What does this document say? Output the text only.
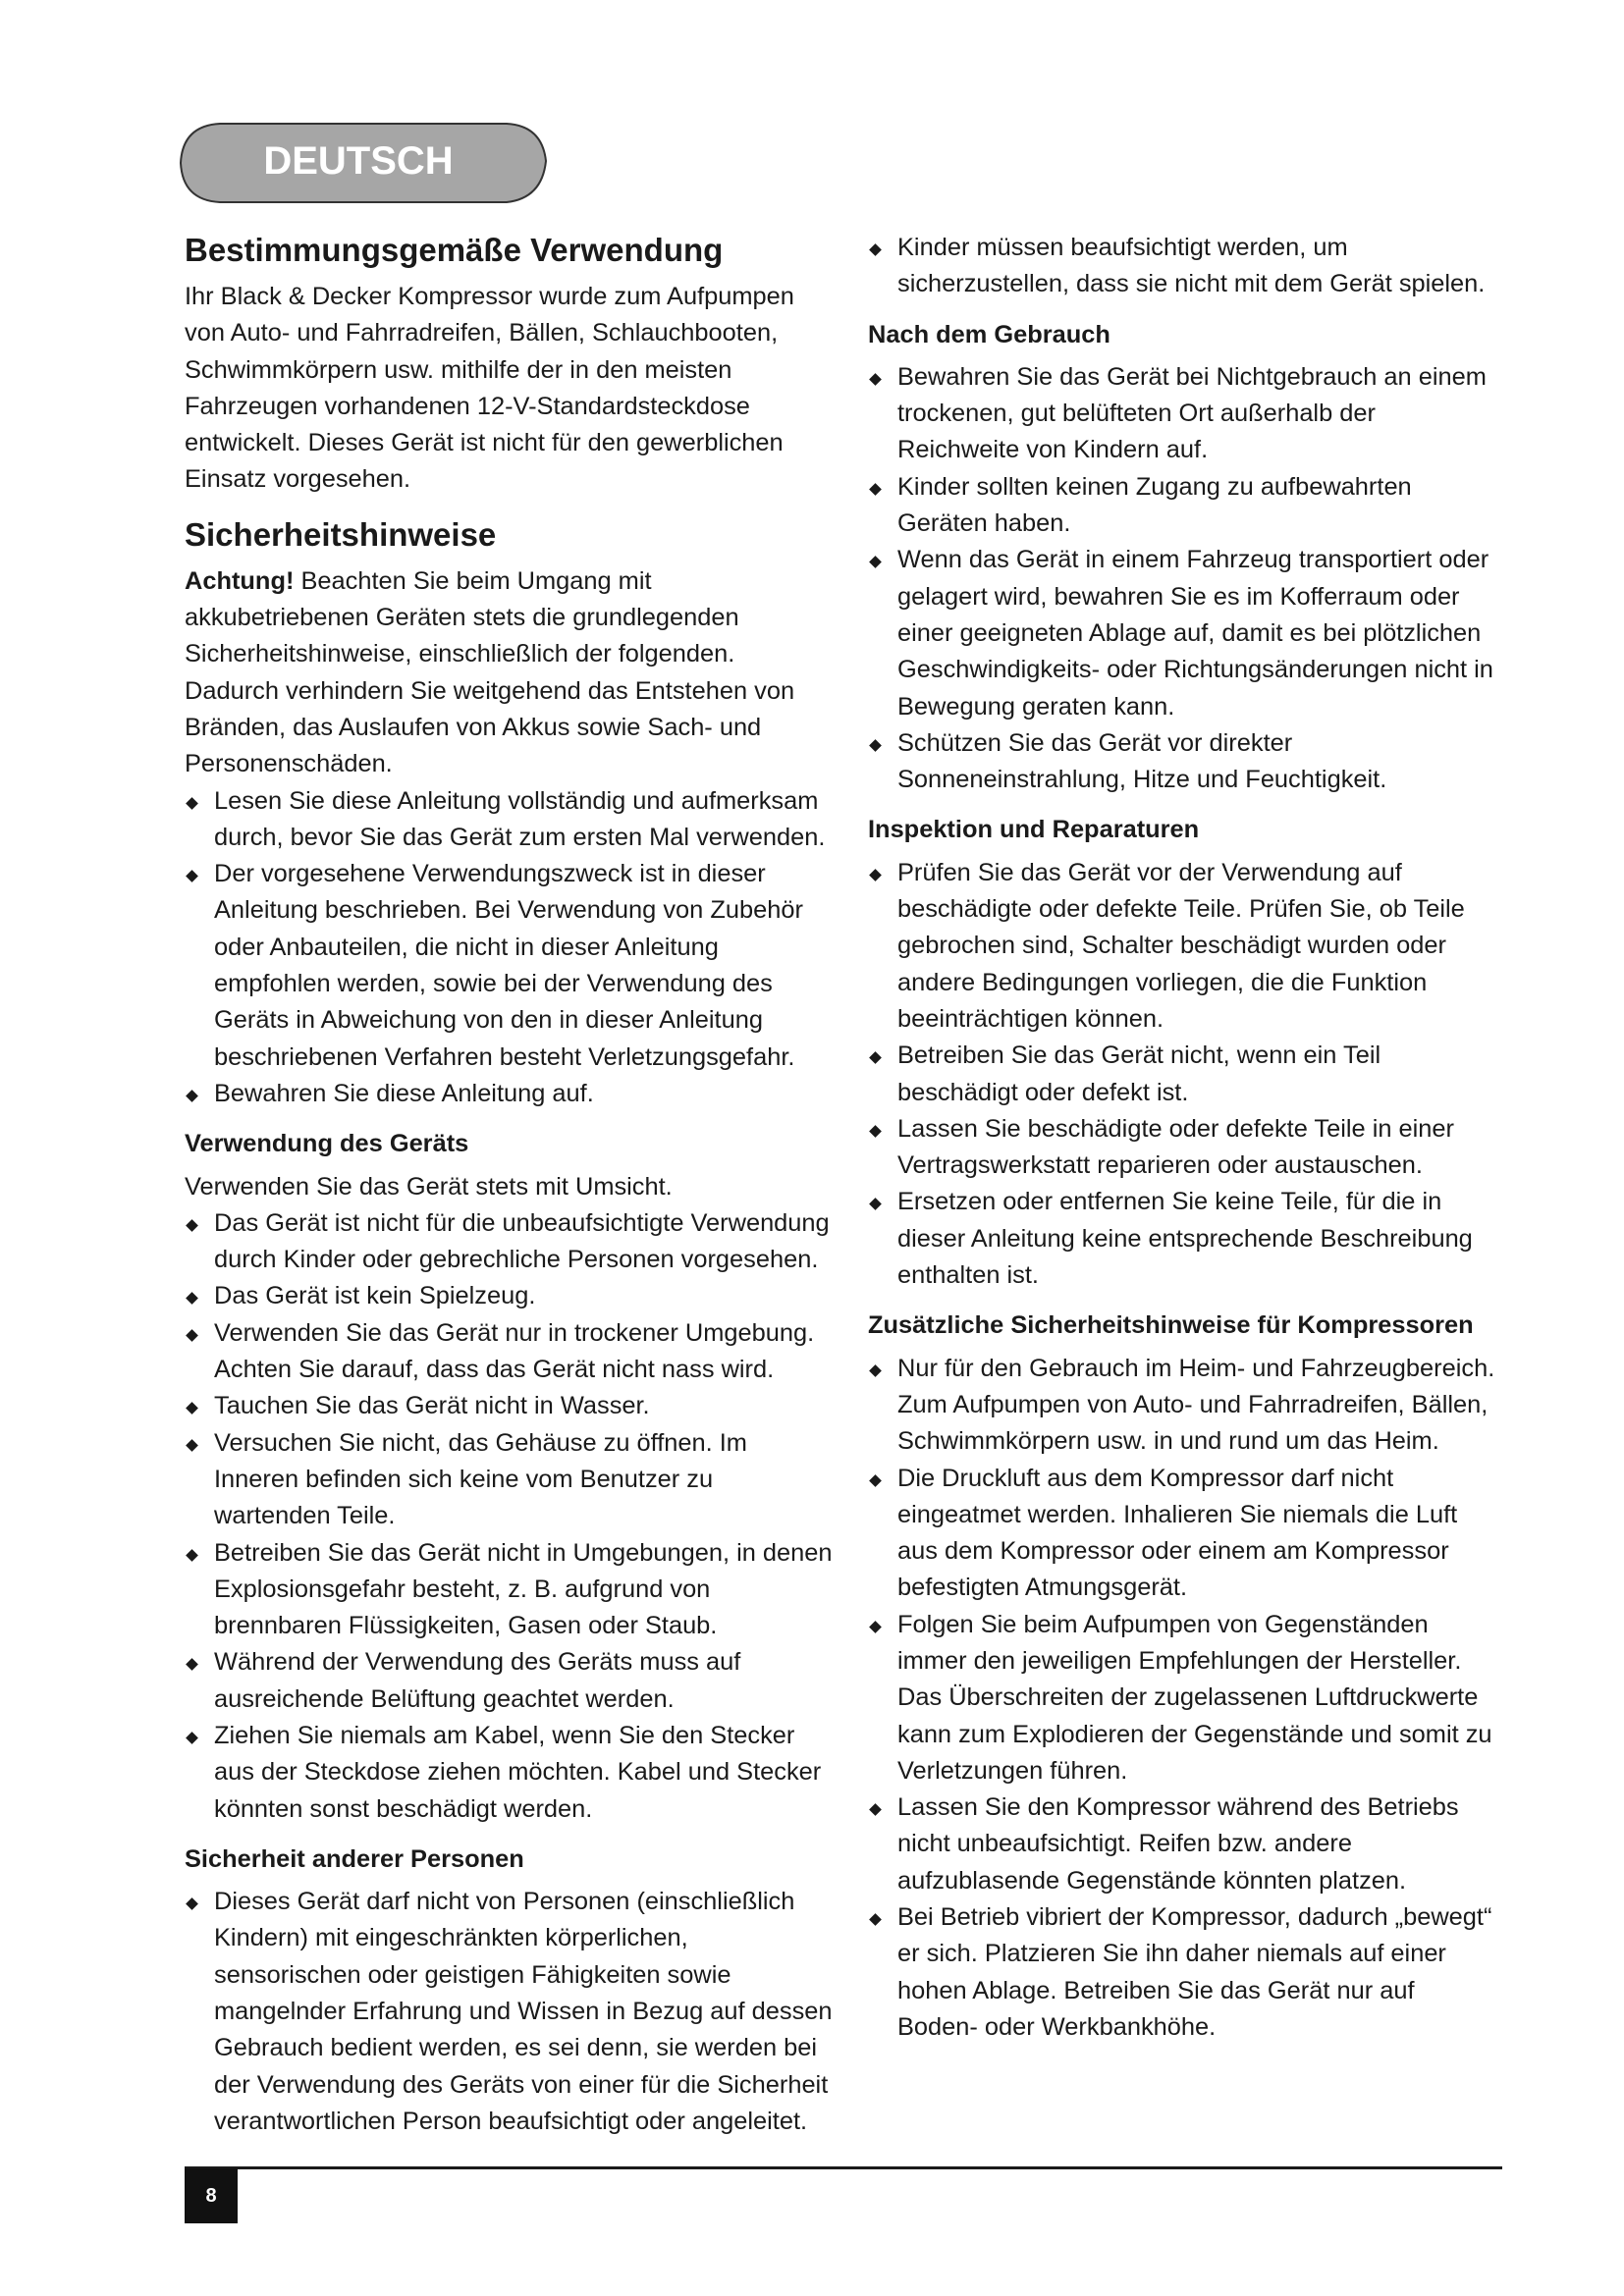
DEUTSCH
Bestimmungsgemäße Verwendung

Ihr Black & Decker Kompressor wurde zum Aufpumpen von Auto- und Fahrradreifen, Bällen, Schlauchbooten, Schwimmkörpern usw. mithilfe der in den meisten Fahrzeugen vorhandenen 12-V-Standardsteckdose entwickelt. Dieses Gerät ist nicht für den gewerblichen Einsatz vorgesehen.

Sicherheitshinweise

Achtung! Beachten Sie beim Umgang mit akkubetriebenen Geräten stets die grundlegenden Sicherheitshinweise, einschließlich der folgenden. Dadurch verhindern Sie weitgehend das Entstehen von Bränden, das Auslaufen von Akkus sowie Sach- und Personenschäden.

Lesen Sie diese Anleitung vollständig und aufmerksam durch, bevor Sie das Gerät zum ersten Mal verwenden.
Der vorgesehene Verwendungszweck ist in dieser Anleitung beschrieben. Bei Verwendung von Zubehör oder Anbauteilen, die nicht in dieser Anleitung empfohlen werden, sowie bei der Verwendung des Geräts in Abweichung von den in dieser Anleitung beschriebenen Verfahren besteht Verletzungsgefahr.
Bewahren Sie diese Anleitung auf.
Verwendung des Geräts

Verwenden Sie das Gerät stets mit Umsicht.

Das Gerät ist nicht für die unbeaufsichtigte Verwendung durch Kinder oder gebrechliche Personen vorgesehen.
Das Gerät ist kein Spielzeug.
Verwenden Sie das Gerät nur in trockener Umgebung. Achten Sie darauf, dass das Gerät nicht nass wird.
Tauchen Sie das Gerät nicht in Wasser.
Versuchen Sie nicht, das Gehäuse zu öffnen. Im Inneren befinden sich keine vom Benutzer zu wartenden Teile.
Betreiben Sie das Gerät nicht in Umgebungen, in denen Explosionsgefahr besteht, z. B. aufgrund von brennbaren Flüssigkeiten, Gasen oder Staub.
Während der Verwendung des Geräts muss auf ausreichende Belüftung geachtet werden.
Ziehen Sie niemals am Kabel, wenn Sie den Stecker aus der Steckdose ziehen möchten. Kabel und Stecker könnten sonst beschädigt werden.
Sicherheit anderer Personen
Dieses Gerät darf nicht von Personen (einschließlich Kindern) mit eingeschränkten körperlichen, sensorischen oder geistigen Fähigkeiten sowie mangelnder Erfahrung und Wissen in Bezug auf dessen Gebrauch bedient werden, es sei denn, sie werden bei der Verwendung des Geräts von einer für die Sicherheit verantwortlichen Person beaufsichtigt oder angeleitet.
Kinder müssen beaufsichtigt werden, um sicherzustellen, dass sie nicht mit dem Gerät spielen.
Nach dem Gebrauch
Bewahren Sie das Gerät bei Nichtgebrauch an einem trockenen, gut belüfteten Ort außerhalb der Reichweite von Kindern auf.
Kinder sollten keinen Zugang zu aufbewahrten Geräten haben.
Wenn das Gerät in einem Fahrzeug transportiert oder gelagert wird, bewahren Sie es im Kofferraum oder einer geeigneten Ablage auf, damit es bei plötzlichen Geschwindigkeits- oder Richtungsänderungen nicht in Bewegung geraten kann.
Schützen Sie das Gerät vor direkter Sonneneinstrahlung, Hitze und Feuchtigkeit.
Inspektion und Reparaturen
Prüfen Sie das Gerät vor der Verwendung auf beschädigte oder defekte Teile. Prüfen Sie, ob Teile gebrochen sind, Schalter beschädigt wurden oder andere Bedingungen vorliegen, die die Funktion beeinträchtigen können.
Betreiben Sie das Gerät nicht, wenn ein Teil beschädigt oder defekt ist.
Lassen Sie beschädigte oder defekte Teile in einer Vertragswerkstatt reparieren oder austauschen.
Ersetzen oder entfernen Sie keine Teile, für die in dieser Anleitung keine entsprechende Beschreibung enthalten ist.
Zusätzliche Sicherheitshinweise für Kompressoren
Nur für den Gebrauch im Heim- und Fahrzeugbereich. Zum Aufpumpen von Auto- und Fahrradreifen, Bällen, Schwimmkörpern usw. in und rund um das Heim.
Die Druckluft aus dem Kompressor darf nicht eingeatmet werden. Inhalieren Sie niemals die Luft aus dem Kompressor oder einem am Kompressor befestigten Atmungsgerät.
Folgen Sie beim Aufpumpen von Gegenständen immer den jeweiligen Empfehlungen der Hersteller. Das Überschreiten der zugelassenen Luftdruckwerte kann zum Explodieren der Gegenstände und somit zu Verletzungen führen.
Lassen Sie den Kompressor während des Betriebs nicht unbeaufsichtigt. Reifen bzw. andere aufzublasende Gegenstände könnten platzen.
Bei Betrieb vibriert der Kompressor, dadurch „bewegt“ er sich. Platzieren Sie ihn daher niemals auf einer hohen Ablage. Betreiben Sie das Gerät nur auf Boden- oder Werkbankhöhe.
8
